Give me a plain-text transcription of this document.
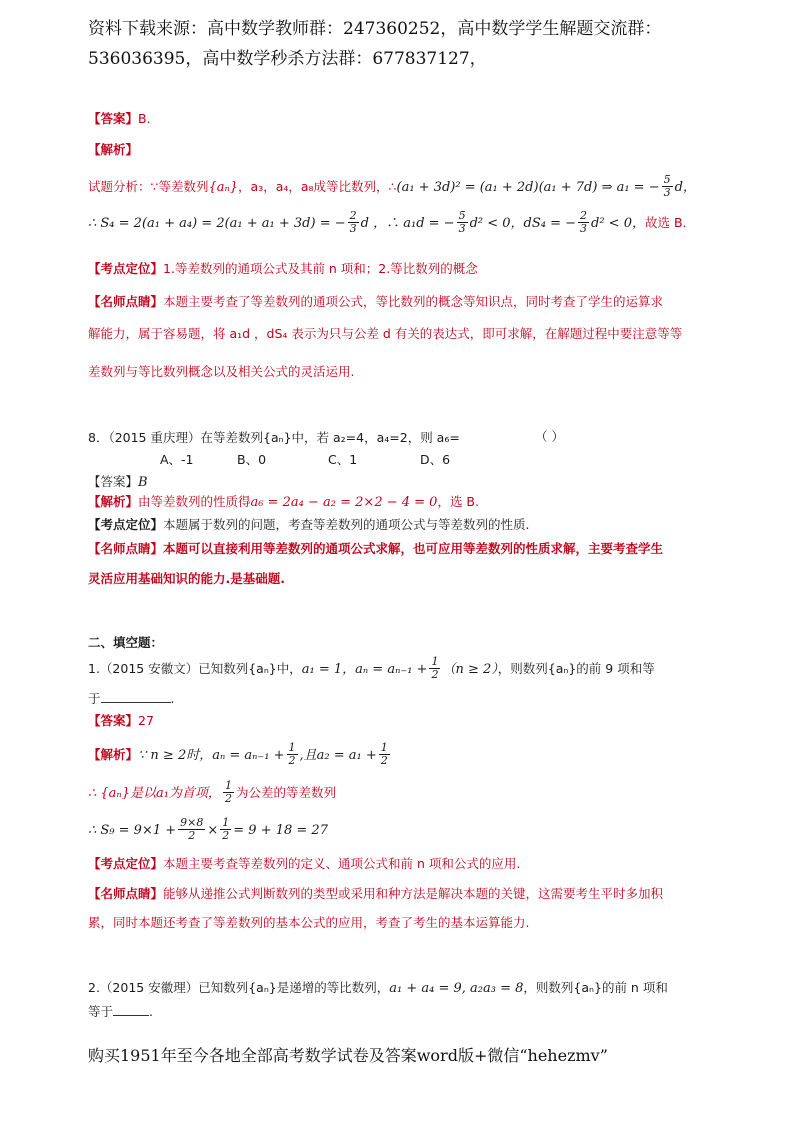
资料下载来源：高中数学教师群：247360252，高中数学学生解题交流群：
536036395，高中数学秒杀方法群：677837127，
【答案】B.
【解析】
试题分析：∵等差数列{aₙ}，a₃，a₄，a₈成等比数列，∴(a₁ + 3d)² = (a₁ + 2d)(a₁ + 7d) ⇒ a₁ = − $\frac{5}{3}$ d，
∴ S₄ = 2(a₁ + a₄) = 2(a₁ + a₁ + 3d) = − $\frac{2}{3}$ d ，∴ a₁d = − $\frac{5}{3} d^2 < 0$，dS₄ = − $\frac{2}{3} d^2 < 0$，故选 B.
【考点定位】1.等差数列的通项公式及其前 n 项和；2.等比数列的概念
【名师点睛】本题主要考查了等差数列的通项公式，等比数列的概念等知识点，同时考查了学生的运算求
解能力，属于容易题，将 a₁d ，dS₄ 表示为只与公差 d 有关的表达式，即可求解，在解题过程中要注意等等
差数列与等比数列概念以及相关公式的灵活运用.
8．（2015 重庆理）在等差数列{aₙ}中，若 a₂=4，a₄=2，则 a₆=	（ ）
A、-1	B、0	C、1	D、6
【答案】B
【解析】由等差数列的性质得a₆ = 2a₄ − a₂ = 2×2 − 4 = 0，选 B.
【考点定位】本题属于数列的问题，考查等差数列的通项公式与等差数列的性质.
【名师点睛】本题可以直接利用等差数列的通项公式求解，也可应用等差数列的性质求解，主要考查学生
灵活应用基础知识的能力.是基础题.
二、填空题：
1.（2015 安徽文）已知数列{aₙ}中，a₁ = 1，$a_n = a_{n-1} + \frac{1}{2} (n \ge 2)$，则数列{aₙ}的前 9 项和等
于	.
【答案】27
【解析】∵ n ≥ 2时，$a_n = a_{n-1} + \frac{1}{2}$ ,且$a_2 = a_1 + \frac{1}{2}$
∴ {aₙ}是以a₁为首项， $\frac{1}{2}$ 为公差的等差数列
∴ $S_9 = 9\times 1 + \frac{9\times 8}{2} \times \frac{1}{2} = 9 + 18 = 27$
【考点定位】本题主要考查等差数列的定义、通项公式和前 n 项和公式的应用.
【名师点睛】能够从递推公式判断数列的类型或采用和种方法是解决本题的关键，这需要考生平时多加积
累，同时本题还考查了等差数列的基本公式的应用，考查了考生的基本运算能力.
2.（2015 安徽理）已知数列{aₙ}是递增的等比数列，a₁ + a₄ = 9, a₂a₃ = 8，则数列{aₙ}的前 n 项和
等于	.
购买1951年至今各地全部高考数学试卷及答案word版+微信“hehezmv”
